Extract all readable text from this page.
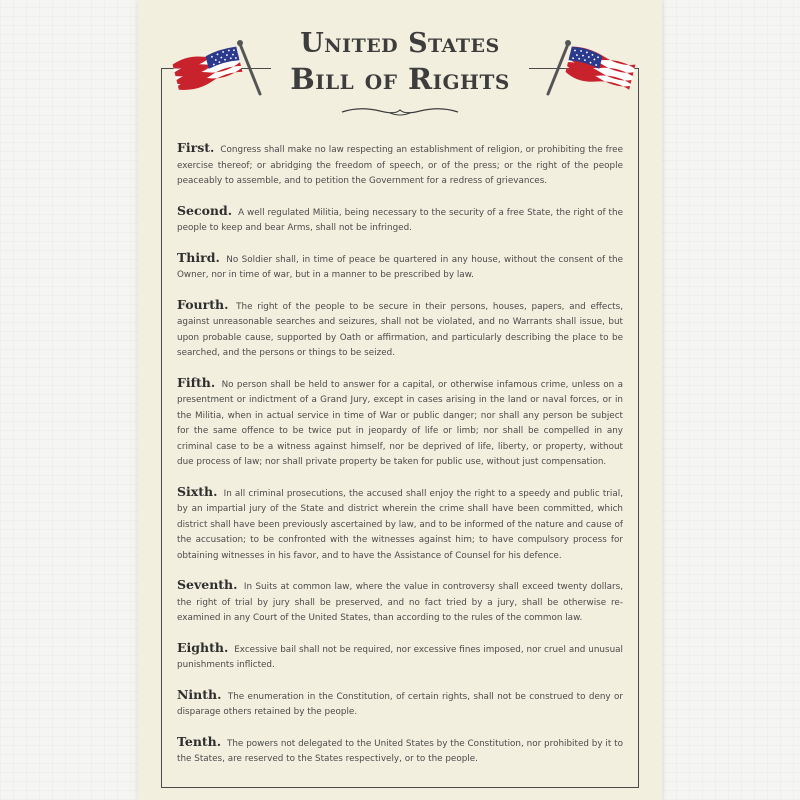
United States
Bill of Rights

First. Congress shall make no law respecting an establishment of religion, or prohibiting the free exercise thereof; or abridging the freedom of speech, or of the press; or the right of the people peaceably to assemble, and to petition the Government for a redress of grievances.

Second. A well regulated Militia, being necessary to the security of a free State, the right of the people to keep and bear Arms, shall not be infringed.

Third. No Soldier shall, in time of peace be quartered in any house, without the consent of the Owner, nor in time of war, but in a manner to be prescribed by law.

Fourth. The right of the people to be secure in their persons, houses, papers, and effects, against unreasonable searches and seizures, shall not be violated, and no Warrants shall issue, but upon probable cause, supported by Oath or affirmation, and particularly describing the place to be searched, and the persons or things to be seized.

Fifth. No person shall be held to answer for a capital, or otherwise infamous crime, unless on a presentment or indictment of a Grand Jury, except in cases arising in the land or naval forces, or in the Militia, when in actual service in time of War or public danger; nor shall any person be subject for the same offence to be twice put in jeopardy of life or limb; nor shall be compelled in any criminal case to be a witness against himself, nor be deprived of life, liberty, or property, without due process of law; nor shall private property be taken for public use, without just compensation.

Sixth. In all criminal prosecutions, the accused shall enjoy the right to a speedy and public trial, by an impartial jury of the State and district wherein the crime shall have been committed, which district shall have been previously ascertained by law, and to be informed of the nature and cause of the accusation; to be confronted with the witnesses against him; to have compulsory process for obtaining witnesses in his favor, and to have the Assistance of Counsel for his defence.

Seventh. In Suits at common law, where the value in controversy shall exceed twenty dollars, the right of trial by jury shall be preserved, and no fact tried by a jury, shall be otherwise re-examined in any Court of the United States, than according to the rules of the common law.

Eighth. Excessive bail shall not be required, nor excessive fines imposed, nor cruel and unusual punishments inflicted.

Ninth. The enumeration in the Constitution, of certain rights, shall not be construed to deny or disparage others retained by the people.

Tenth. The powers not delegated to the United States by the Constitution, nor prohibited by it to the States, are reserved to the States respectively, or to the people.
